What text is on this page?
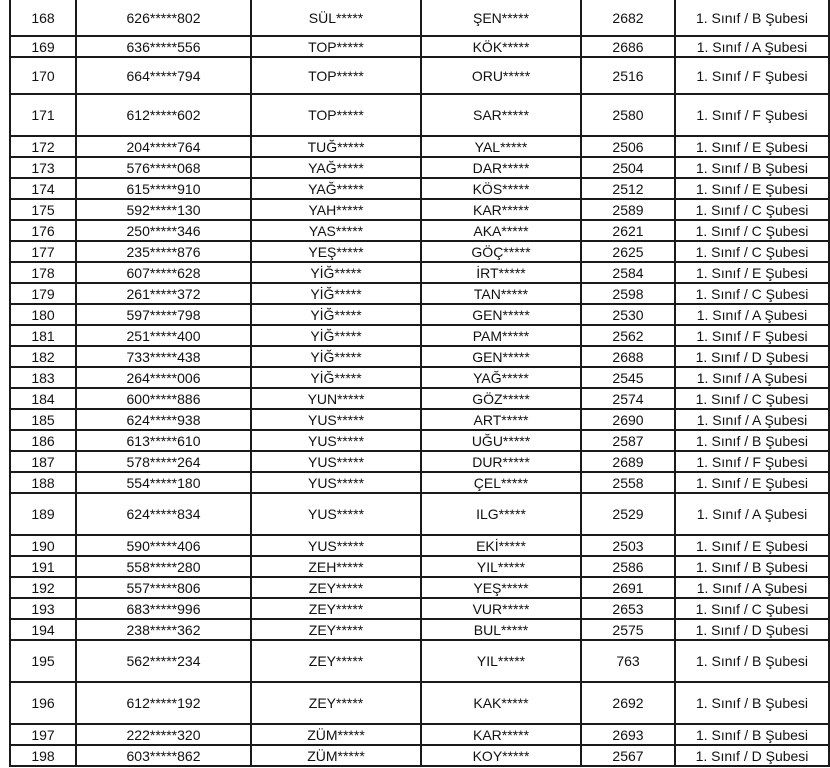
168	626*****802	SÜL*****	ŞEN*****	2682	1. Sınıf / B Şubesi
169	636*****556	TOP*****	KÖK*****	2686	1. Sınıf / A Şubesi
170	664*****794	TOP*****	ORU*****	2516	1. Sınıf / F Şubesi
171	612*****602	TOP*****	SAR*****	2580	1. Sınıf / F Şubesi
172	204*****764	TUĞ*****	YAL*****	2506	1. Sınıf / E Şubesi
173	576*****068	YAĞ*****	DAR*****	2504	1. Sınıf / B Şubesi
174	615*****910	YAĞ*****	KÖS*****	2512	1. Sınıf / E Şubesi
175	592*****130	YAH*****	KAR*****	2589	1. Sınıf / C Şubesi
176	250*****346	YAS*****	AKA*****	2621	1. Sınıf / C Şubesi
177	235*****876	YEŞ*****	GÖÇ*****	2625	1. Sınıf / C Şubesi
178	607*****628	YİĞ*****	İRT*****	2584	1. Sınıf / E Şubesi
179	261*****372	YİĞ*****	TAN*****	2598	1. Sınıf / C Şubesi
180	597*****798	YİĞ*****	GEN*****	2530	1. Sınıf / A Şubesi
181	251*****400	YİĞ*****	PAM*****	2562	1. Sınıf / F Şubesi
182	733*****438	YİĞ*****	GEN*****	2688	1. Sınıf / D Şubesi
183	264*****006	YİĞ*****	YAĞ*****	2545	1. Sınıf / A Şubesi
184	600*****886	YUN*****	GÖZ*****	2574	1. Sınıf / C Şubesi
185	624*****938	YUS*****	ART*****	2690	1. Sınıf / A Şubesi
186	613*****610	YUS*****	UĞU*****	2587	1. Sınıf / B Şubesi
187	578*****264	YUS*****	DUR*****	2689	1. Sınıf / F Şubesi
188	554*****180	YUS*****	ÇEL*****	2558	1. Sınıf / E Şubesi
189	624*****834	YUS*****	ILG*****	2529	1. Sınıf / A Şubesi
190	590*****406	YUS*****	EKİ*****	2503	1. Sınıf / E Şubesi
191	558*****280	ZEH*****	YIL*****	2586	1. Sınıf / B Şubesi
192	557*****806	ZEY*****	YEŞ*****	2691	1. Sınıf / A Şubesi
193	683*****996	ZEY*****	VUR*****	2653	1. Sınıf / C Şubesi
194	238*****362	ZEY*****	BUL*****	2575	1. Sınıf / D Şubesi
195	562*****234	ZEY*****	YIL*****	763	1. Sınıf / B Şubesi
196	612*****192	ZEY*****	KAK*****	2692	1. Sınıf / B Şubesi
197	222*****320	ZÜM*****	KAR*****	2693	1. Sınıf / B Şubesi
198	603*****862	ZÜM*****	KOY*****	2567	1. Sınıf / D Şubesi
